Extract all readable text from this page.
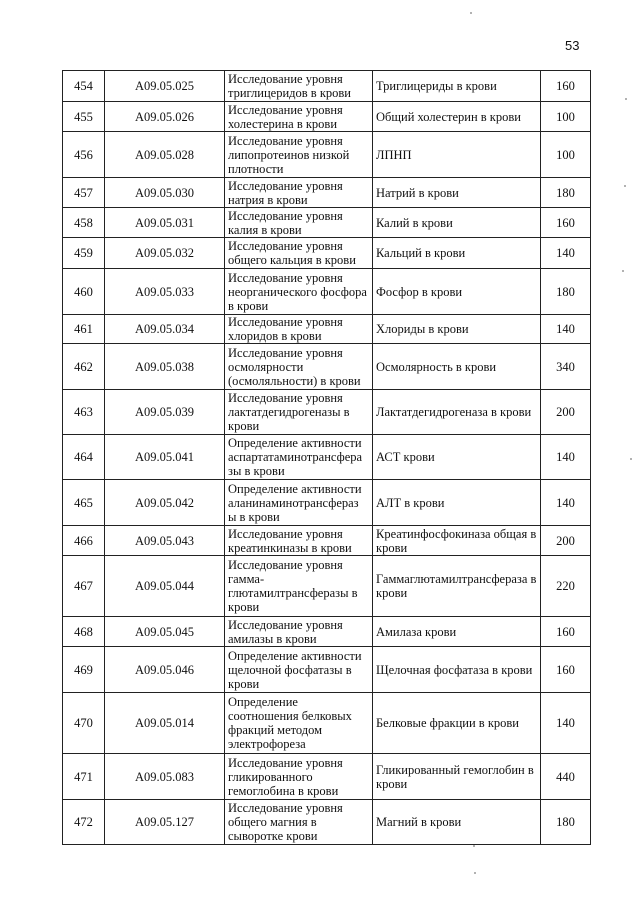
53
454	A09.05.025	Исследование уровня триглицеридов в крови	Триглицериды в крови	160
455	A09.05.026	Исследование уровня холестерина в крови	Общий холестерин в крови	100
456	A09.05.028	Исследование уровня липопротеинов низкой плотности	ЛПНП	100
457	A09.05.030	Исследование уровня натрия в крови	Натрий в крови	180
458	A09.05.031	Исследование уровня калия в крови	Калий в крови	160
459	A09.05.032	Исследование уровня общего кальция в крови	Кальций в крови	140
460	A09.05.033	Исследование уровня неорганического фосфора в крови	Фосфор в крови	180
461	A09.05.034	Исследование уровня хлоридов в крови	Хлориды в крови	140
462	A09.05.038	Исследование уровня осмолярности (осмоляльности) в крови	Осмолярность в крови	340
463	A09.05.039	Исследование уровня лактатдегидрогеназы в крови	Лактатдегидрогеназа в крови	200
464	A09.05.041	Определение активности аспартатаминотрансфера зы в крови	АСТ крови	140
465	A09.05.042	Определение активности аланинаминотрансфераз ы в крови	АЛТ в крови	140
466	A09.05.043	Исследование уровня креатинкиназы в крови	Креатинфосфокиназа общая в крови	200
467	A09.05.044	Исследование уровня гамма-глютамилтрансферазы в крови	Гаммаглютамилтрансфераза в крови	220
468	A09.05.045	Исследование уровня амилазы в крови	Амилаза крови	160
469	A09.05.046	Определение активности щелочной фосфатазы в крови	Щелочная фосфатаза в крови	160
470	A09.05.014	Определение соотношения белковых фракций методом электрофореза	Белковые фракции в крови	140
471	A09.05.083	Исследование уровня гликированного гемоглобина в крови	Гликированный гемоглобин в крови	440
472	A09.05.127	Исследование уровня общего магния в сыворотке крови	Магний в крови	180
